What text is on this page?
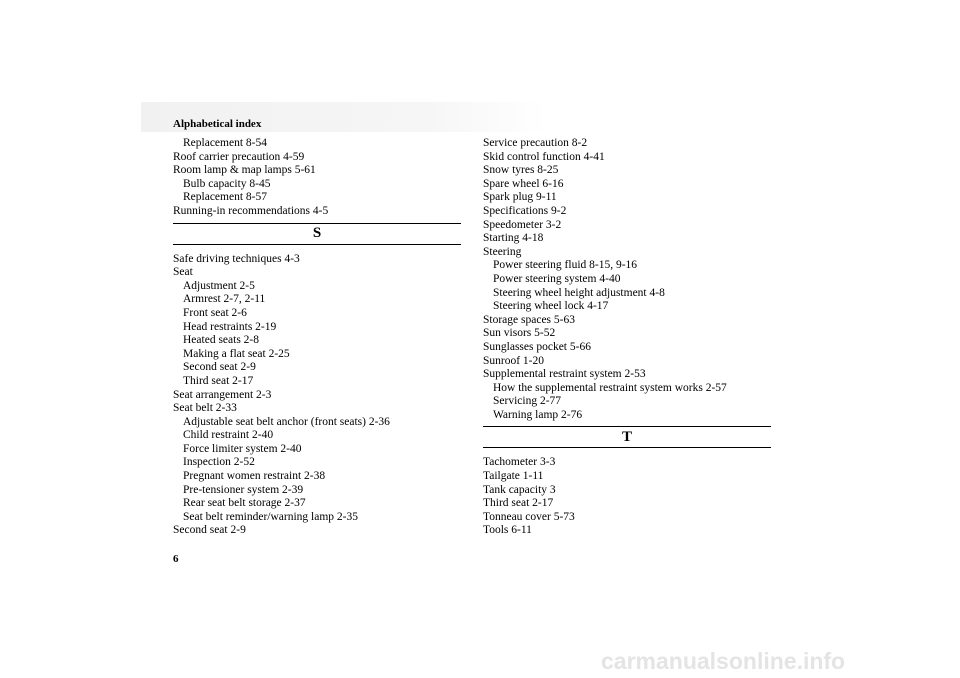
Alphabetical index
Replacement 8-54
Roof carrier precaution 4-59
Room lamp & map lamps 5-61
Bulb capacity 8-45
Replacement 8-57
Running-in recommendations 4-5
S
Safe driving techniques 4-3
Seat
Adjustment 2-5
Armrest 2-7, 2-11
Front seat 2-6
Head restraints 2-19
Heated seats 2-8
Making a flat seat 2-25
Second seat 2-9
Third seat 2-17
Seat arrangement 2-3
Seat belt 2-33
Adjustable seat belt anchor (front seats) 2-36
Child restraint 2-40
Force limiter system 2-40
Inspection 2-52
Pregnant women restraint 2-38
Pre-tensioner system 2-39
Rear seat belt storage 2-37
Seat belt reminder/warning lamp 2-35
Second seat 2-9
Service precaution 8-2
Skid control function 4-41
Snow tyres 8-25
Spare wheel 6-16
Spark plug 9-11
Specifications 9-2
Speedometer 3-2
Starting 4-18
Steering
Power steering fluid 8-15, 9-16
Power steering system 4-40
Steering wheel height adjustment 4-8
Steering wheel lock 4-17
Storage spaces 5-63
Sun visors 5-52
Sunglasses pocket 5-66
Sunroof 1-20
Supplemental restraint system 2-53
How the supplemental restraint system works 2-57
Servicing 2-77
Warning lamp 2-76
T
Tachometer 3-3
Tailgate 1-11
Tank capacity 3
Third seat 2-17
Tonneau cover 5-73
Tools 6-11
6
carmanualsonline.info
